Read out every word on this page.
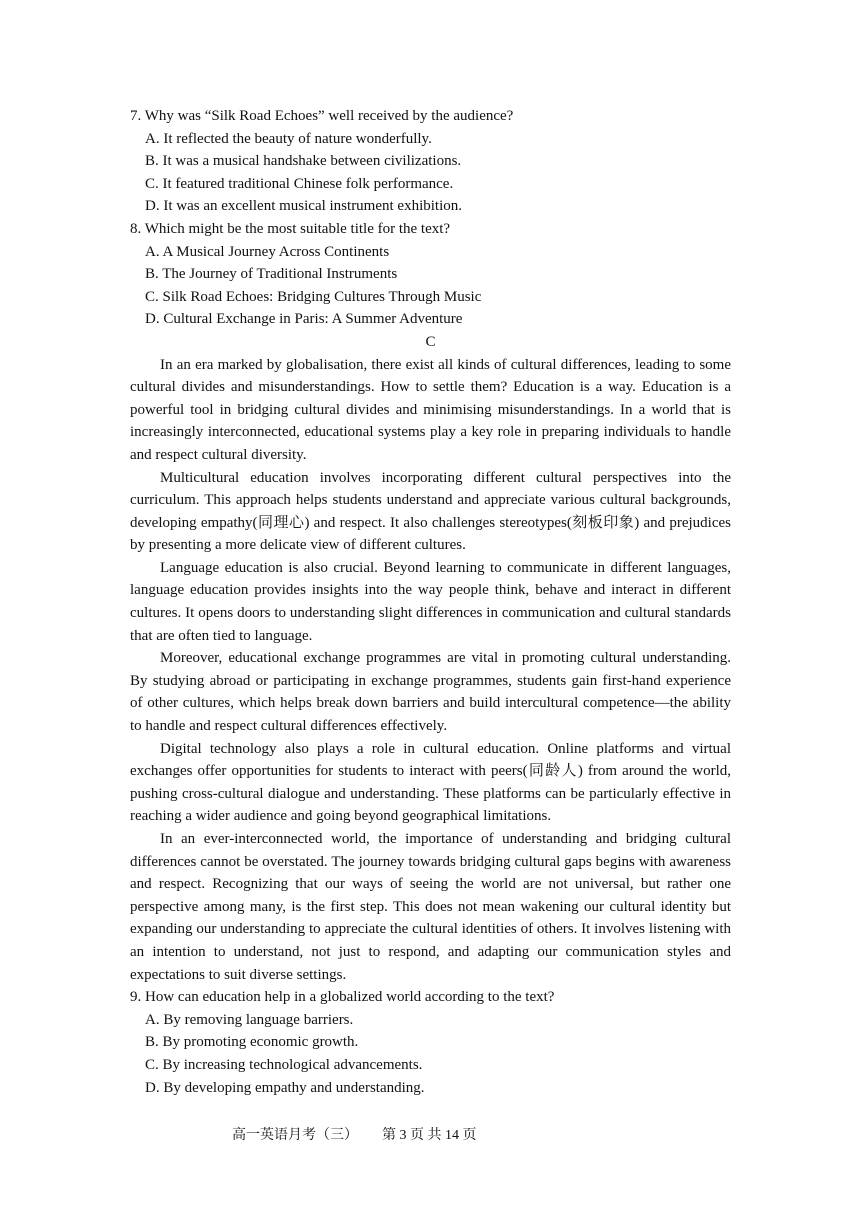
7. Why was “Silk Road Echoes” well received by the audience?

A. It reflected the beauty of nature wonderfully.

B. It was a musical handshake between civilizations.

C. It featured traditional Chinese folk performance.

D. It was an excellent musical instrument exhibition.

8. Which might be the most suitable title for the text?

A. A Musical Journey Across Continents

B. The Journey of Traditional Instruments

C. Silk Road Echoes: Bridging Cultures Through Music

D. Cultural Exchange in Paris: A Summer Adventure

C

In an era marked by globalisation, there exist all kinds of cultural differences, leading to some cultural divides and misunderstandings. How to settle them? Education is a way. Education is a powerful tool in bridging cultural divides and minimising misunderstandings. In a world that is increasingly interconnected, educational systems play a key role in preparing individuals to handle and respect cultural diversity.

Multicultural education involves incorporating different cultural perspectives into the curriculum. This approach helps students understand and appreciate various cultural backgrounds, developing empathy(同理心) and respect. It also challenges stereotypes(刻板印象) and prejudices by presenting a more delicate view of different cultures.

Language education is also crucial. Beyond learning to communicate in different languages, language education provides insights into the way people think, behave and interact in different cultures. It opens doors to understanding slight differences in communication and cultural standards that are often tied to language.

Moreover, educational exchange programmes are vital in promoting cultural understanding. By studying abroad or participating in exchange programmes, students gain first-hand experience of other cultures, which helps break down barriers and build intercultural competence—the ability to handle and respect cultural differences effectively.

Digital technology also plays a role in cultural education. Online platforms and virtual exchanges offer opportunities for students to interact with peers(同龄人) from around the world, pushing cross-cultural dialogue and understanding. These platforms can be particularly effective in reaching a wider audience and going beyond geographical limitations.

In an ever-interconnected world, the importance of understanding and bridging cultural differences cannot be overstated. The journey towards bridging cultural gaps begins with awareness and respect. Recognizing that our ways of seeing the world are not universal, but rather one perspective among many, is the first step. This does not mean wakening our cultural identity but expanding our understanding to appreciate the cultural identities of others. It involves listening with an intention to understand, not just to respond, and adapting our communication styles and expectations to suit diverse settings.

9. How can education help in a globalized world according to the text?

A. By removing language barriers.

B. By promoting economic growth.

C. By increasing technological advancements.

D. By developing empathy and understanding.

高一英语月考（三） 第 3 页 共 14 页
